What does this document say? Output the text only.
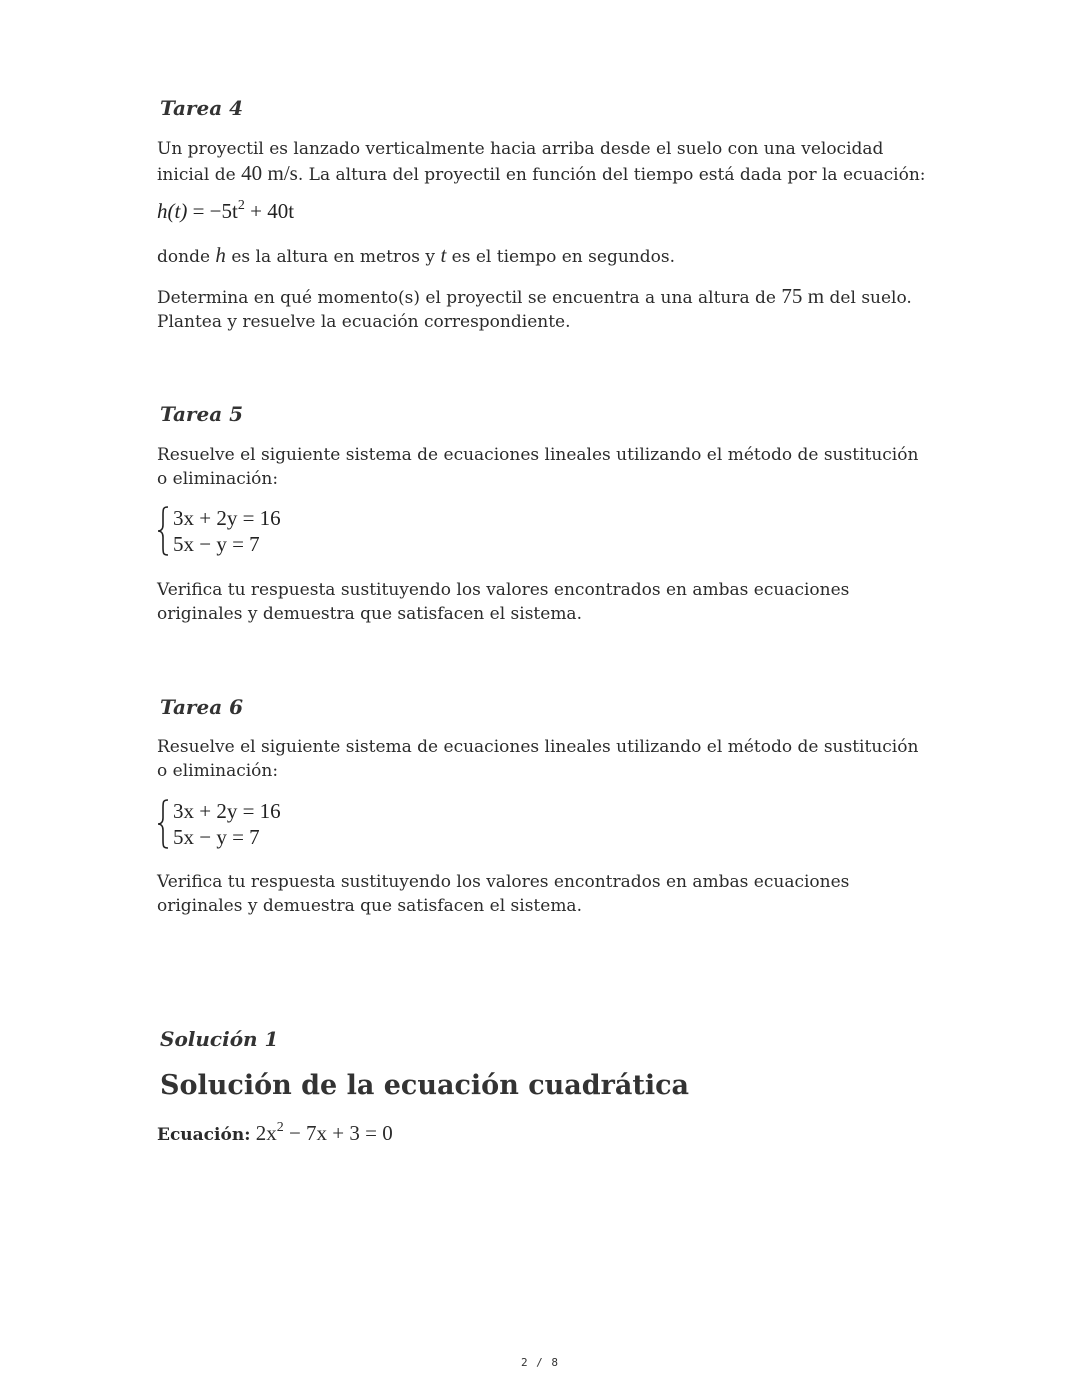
Tarea 4
Un proyectil es lanzado verticalmente hacia arriba desde el suelo con una velocidad inicial de 40 m/s. La altura del proyectil en función del tiempo está dada por la ecuación:
$h(t) = -5t^2 + 40t$
donde h es la altura en metros y t es el tiempo en segundos.
Determina en qué momento(s) el proyectil se encuentra a una altura de 75 m del suelo.
Plantea y resuelve la ecuación correspondiente.
Tarea 5
Resuelve el siguiente sistema de ecuaciones lineales utilizando el método de sustitución o eliminación:
3x + 2y = 16
5x − y = 7
Verifica tu respuesta sustituyendo los valores encontrados en ambas ecuaciones originales y demuestra que satisfacen el sistema.
Tarea 6
Resuelve el siguiente sistema de ecuaciones lineales utilizando el método de sustitución o eliminación:
3x + 2y = 16
5x − y = 7
Verifica tu respuesta sustituyendo los valores encontrados en ambas ecuaciones originales y demuestra que satisfacen el sistema.
Solución 1
Solución de la ecuación cuadrática
Ecuación: $2x^2 - 7x + 3 = 0$
2 / 8
